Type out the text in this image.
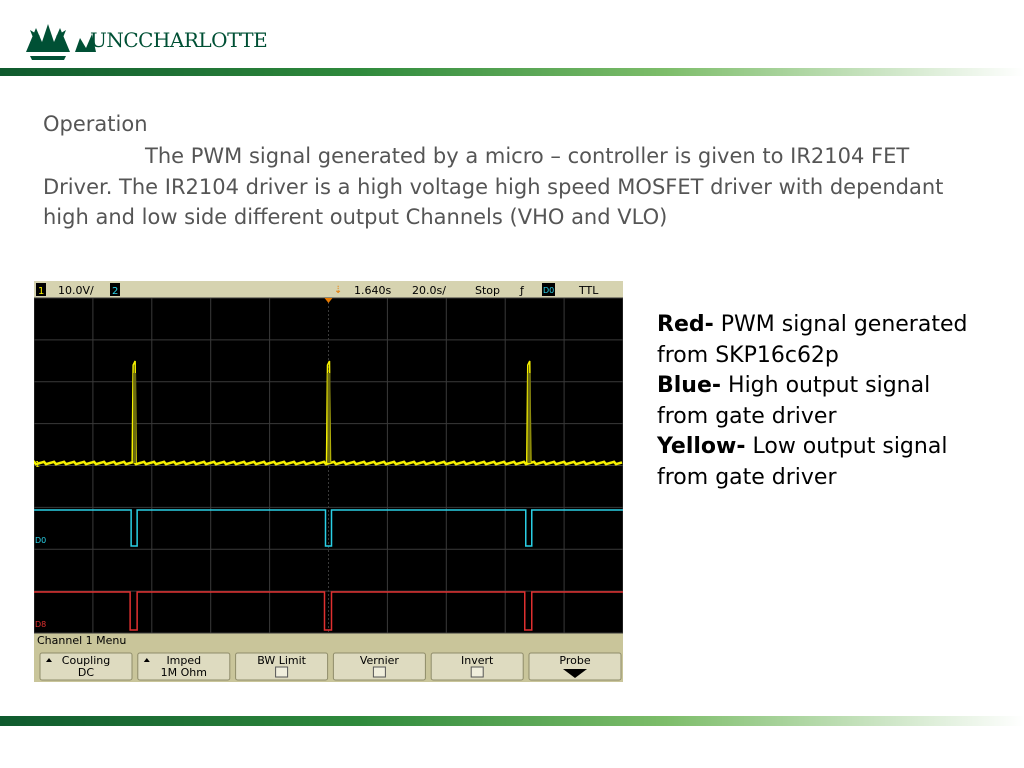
UNCCHARLOTTE
Operation
The PWM signal generated by a micro – controller is given to IR2104 FET Driver. The IR2104 driver is a high voltage high speed MOSFET driver with dependant high and low side different output Channels (VHO and VLO)
1 10.0V/ 2	⇣ 1.640s 20.0s/	Stop ƒ D0 TTL
1
D0
D8
Channel 1 Menu
Coupling
DC
Imped
1M Ohm
BW Limit	Vernier	Invert	Probe
Red- PWM signal generated from SKP16c62p
Blue- High output signal from gate driver
Yellow- Low output signal from gate driver
